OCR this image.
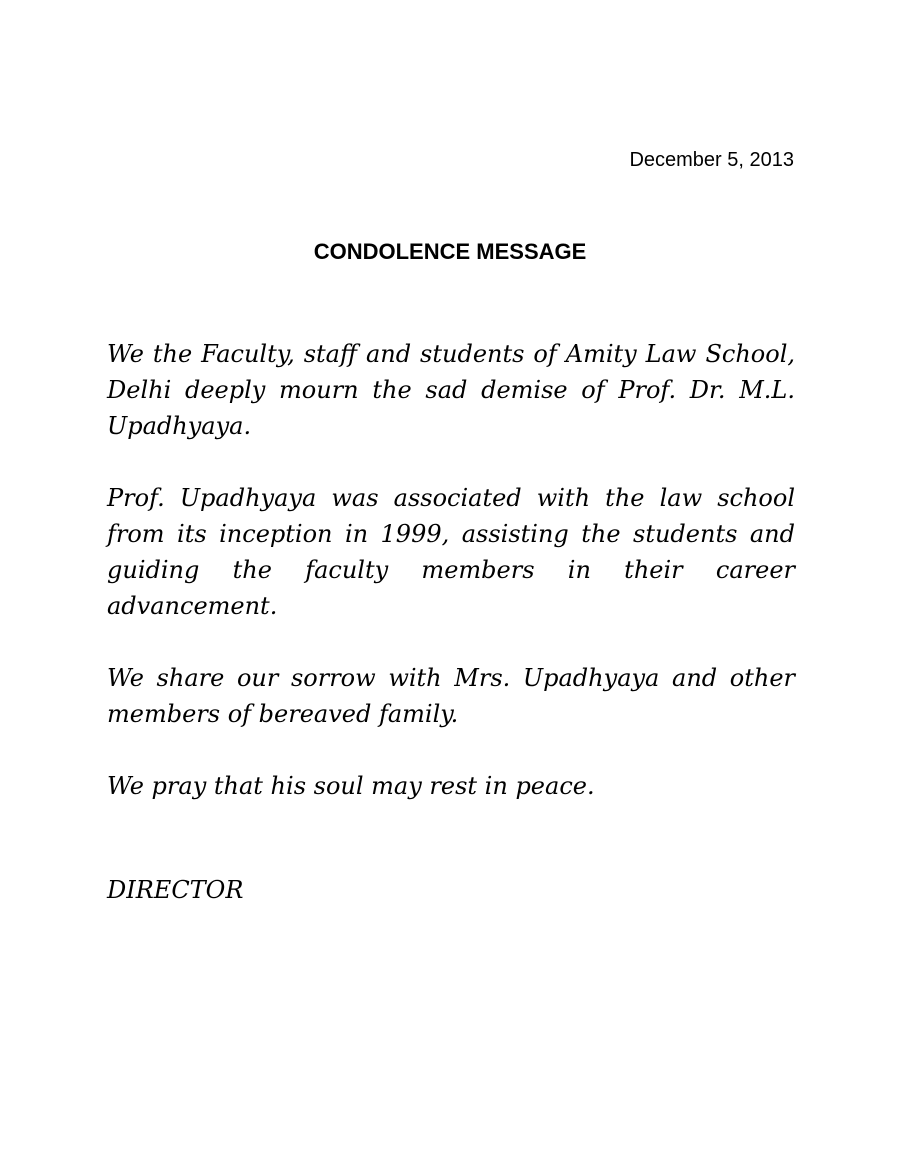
December 5, 2013
CONDOLENCE MESSAGE

We the Faculty, staff and students of Amity Law School, Delhi deeply mourn the sad demise of Prof. Dr. M.L. Upadhyaya.

Prof. Upadhyaya was associated with the law school from its inception in 1999, assisting the students and guiding the faculty members in their career advancement.

We share our sorrow with Mrs. Upadhyaya and other members of bereaved family.

We pray that his soul may rest in peace.

DIRECTOR
